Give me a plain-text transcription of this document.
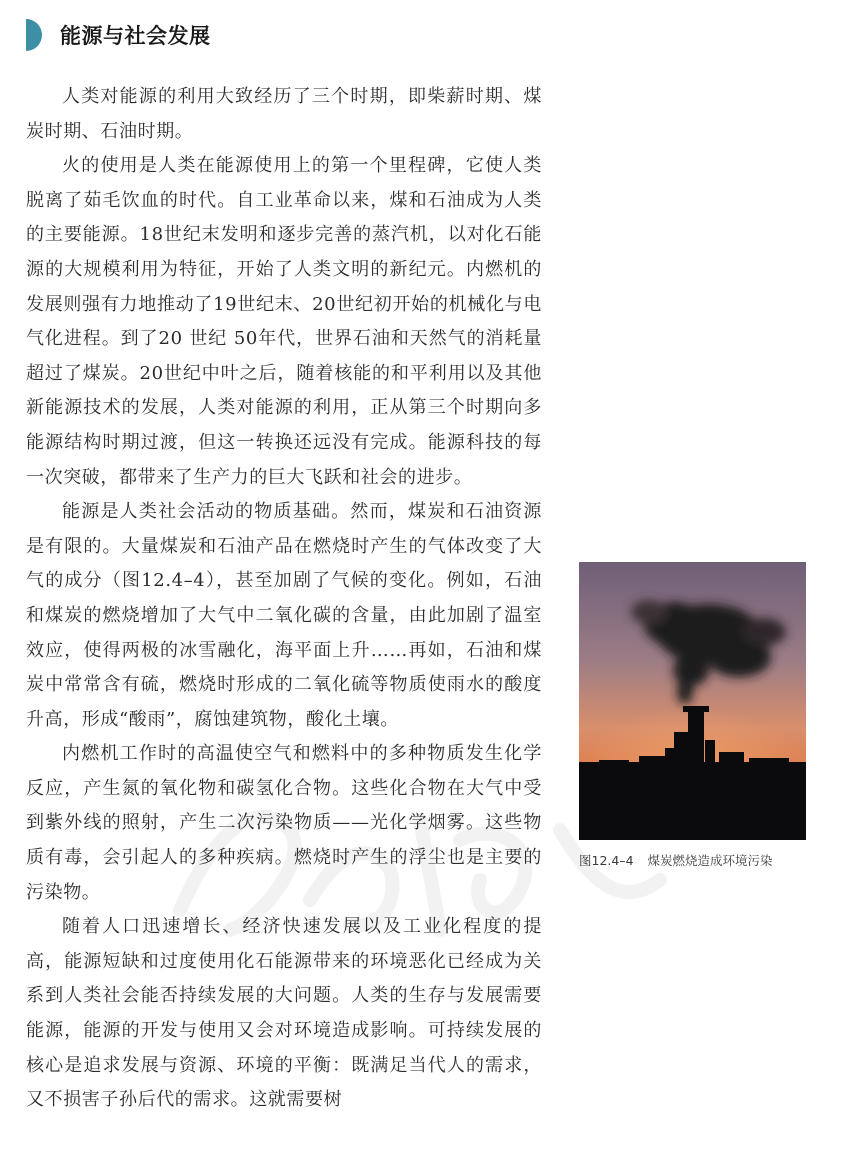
能源与社会发展

人类对能源的利用大致经历了三个时期，即柴薪时期、煤炭时期、石油时期。

火的使用是人类在能源使用上的第一个里程碑，它使人类脱离了茹毛饮血的时代。自工业革命以来，煤和石油成为人类的主要能源。18世纪末发明和逐步完善的蒸汽机，以对化石能源的大规模利用为特征，开始了人类文明的新纪元。内燃机的发展则强有力地推动了19世纪末、20世纪初开始的机械化与电气化进程。到了20 世纪 50年代，世界石油和天然气的消耗量超过了煤炭。20世纪中叶之后，随着核能的和平利用以及其他新能源技术的发展，人类对能源的利用，正从第三个时期向多能源结构时期过渡，但这一转换还远没有完成。能源科技的每一次突破，都带来了生产力的巨大飞跃和社会的进步。

能源是人类社会活动的物质基础。然而，煤炭和石油资源是有限的。大量煤炭和石油产品在燃烧时产生的气体改变了大气的成分（图12.4–4），甚至加剧了气候的变化。例如，石油和煤炭的燃烧增加了大气中二氧化碳的含量，由此加剧了温室效应，使得两极的冰雪融化，海平面上升……再如，石油和煤炭中常常含有硫，燃烧时形成的二氧化硫等物质使雨水的酸度升高，形成“酸雨”，腐蚀建筑物，酸化土壤。

内燃机工作时的高温使空气和燃料中的多种物质发生化学反应，产生氮的氧化物和碳氢化合物。这些化合物在大气中受到紫外线的照射，产生二次污染物质——光化学烟雾。这些物质有毒，会引起人的多种疾病。燃烧时产生的浮尘也是主要的污染物。

随着人口迅速增长、经济快速发展以及工业化程度的提高，能源短缺和过度使用化石能源带来的环境恶化已经成为关系到人类社会能否持续发展的大问题。人类的生存与发展需要能源，能源的开发与使用又会对环境造成影响。可持续发展的核心是追求发展与资源、环境的平衡：既满足当代人的需求，又不损害子孙后代的需求。这就需要树

图12.4–4 煤炭燃烧造成环境污染
